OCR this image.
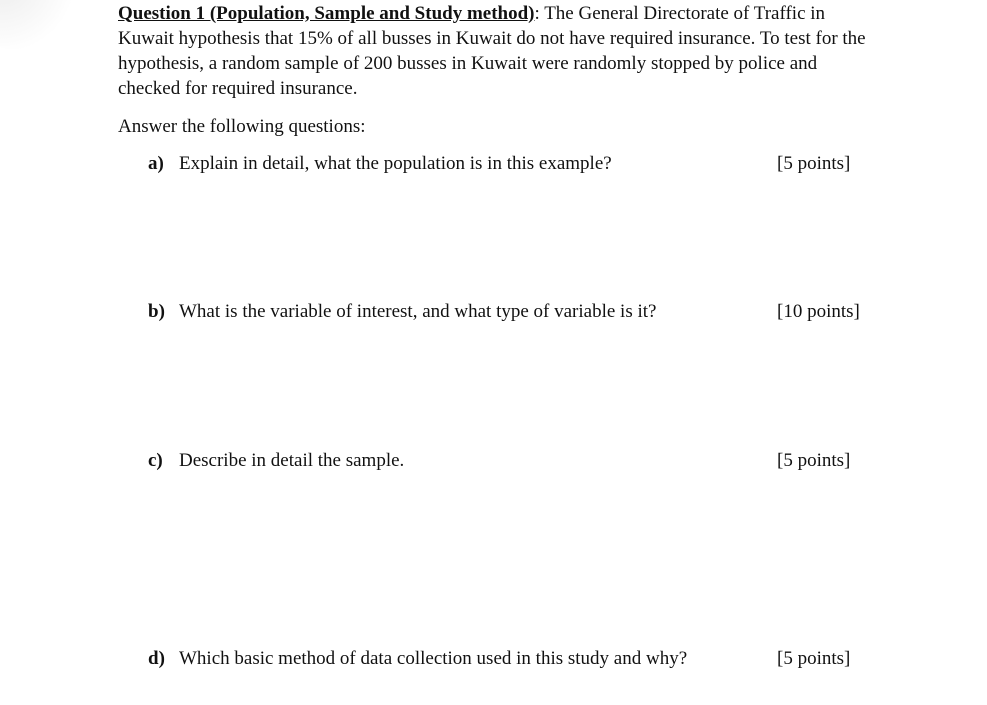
Question 1 (Population, Sample and Study method): The General Directorate of Traffic in Kuwait hypothesis that 15% of all busses in Kuwait do not have required insurance. To test for the hypothesis, a random sample of 200 busses in Kuwait were randomly stopped by police and checked for required insurance.
Answer the following questions:
a) Explain in detail, what the population is in this example?	[5 points]
b) What is the variable of interest, and what type of variable is it?	[10 points]
c) Describe in detail the sample.	[5 points]
d) Which basic method of data collection used in this study and why?	[5 points]
